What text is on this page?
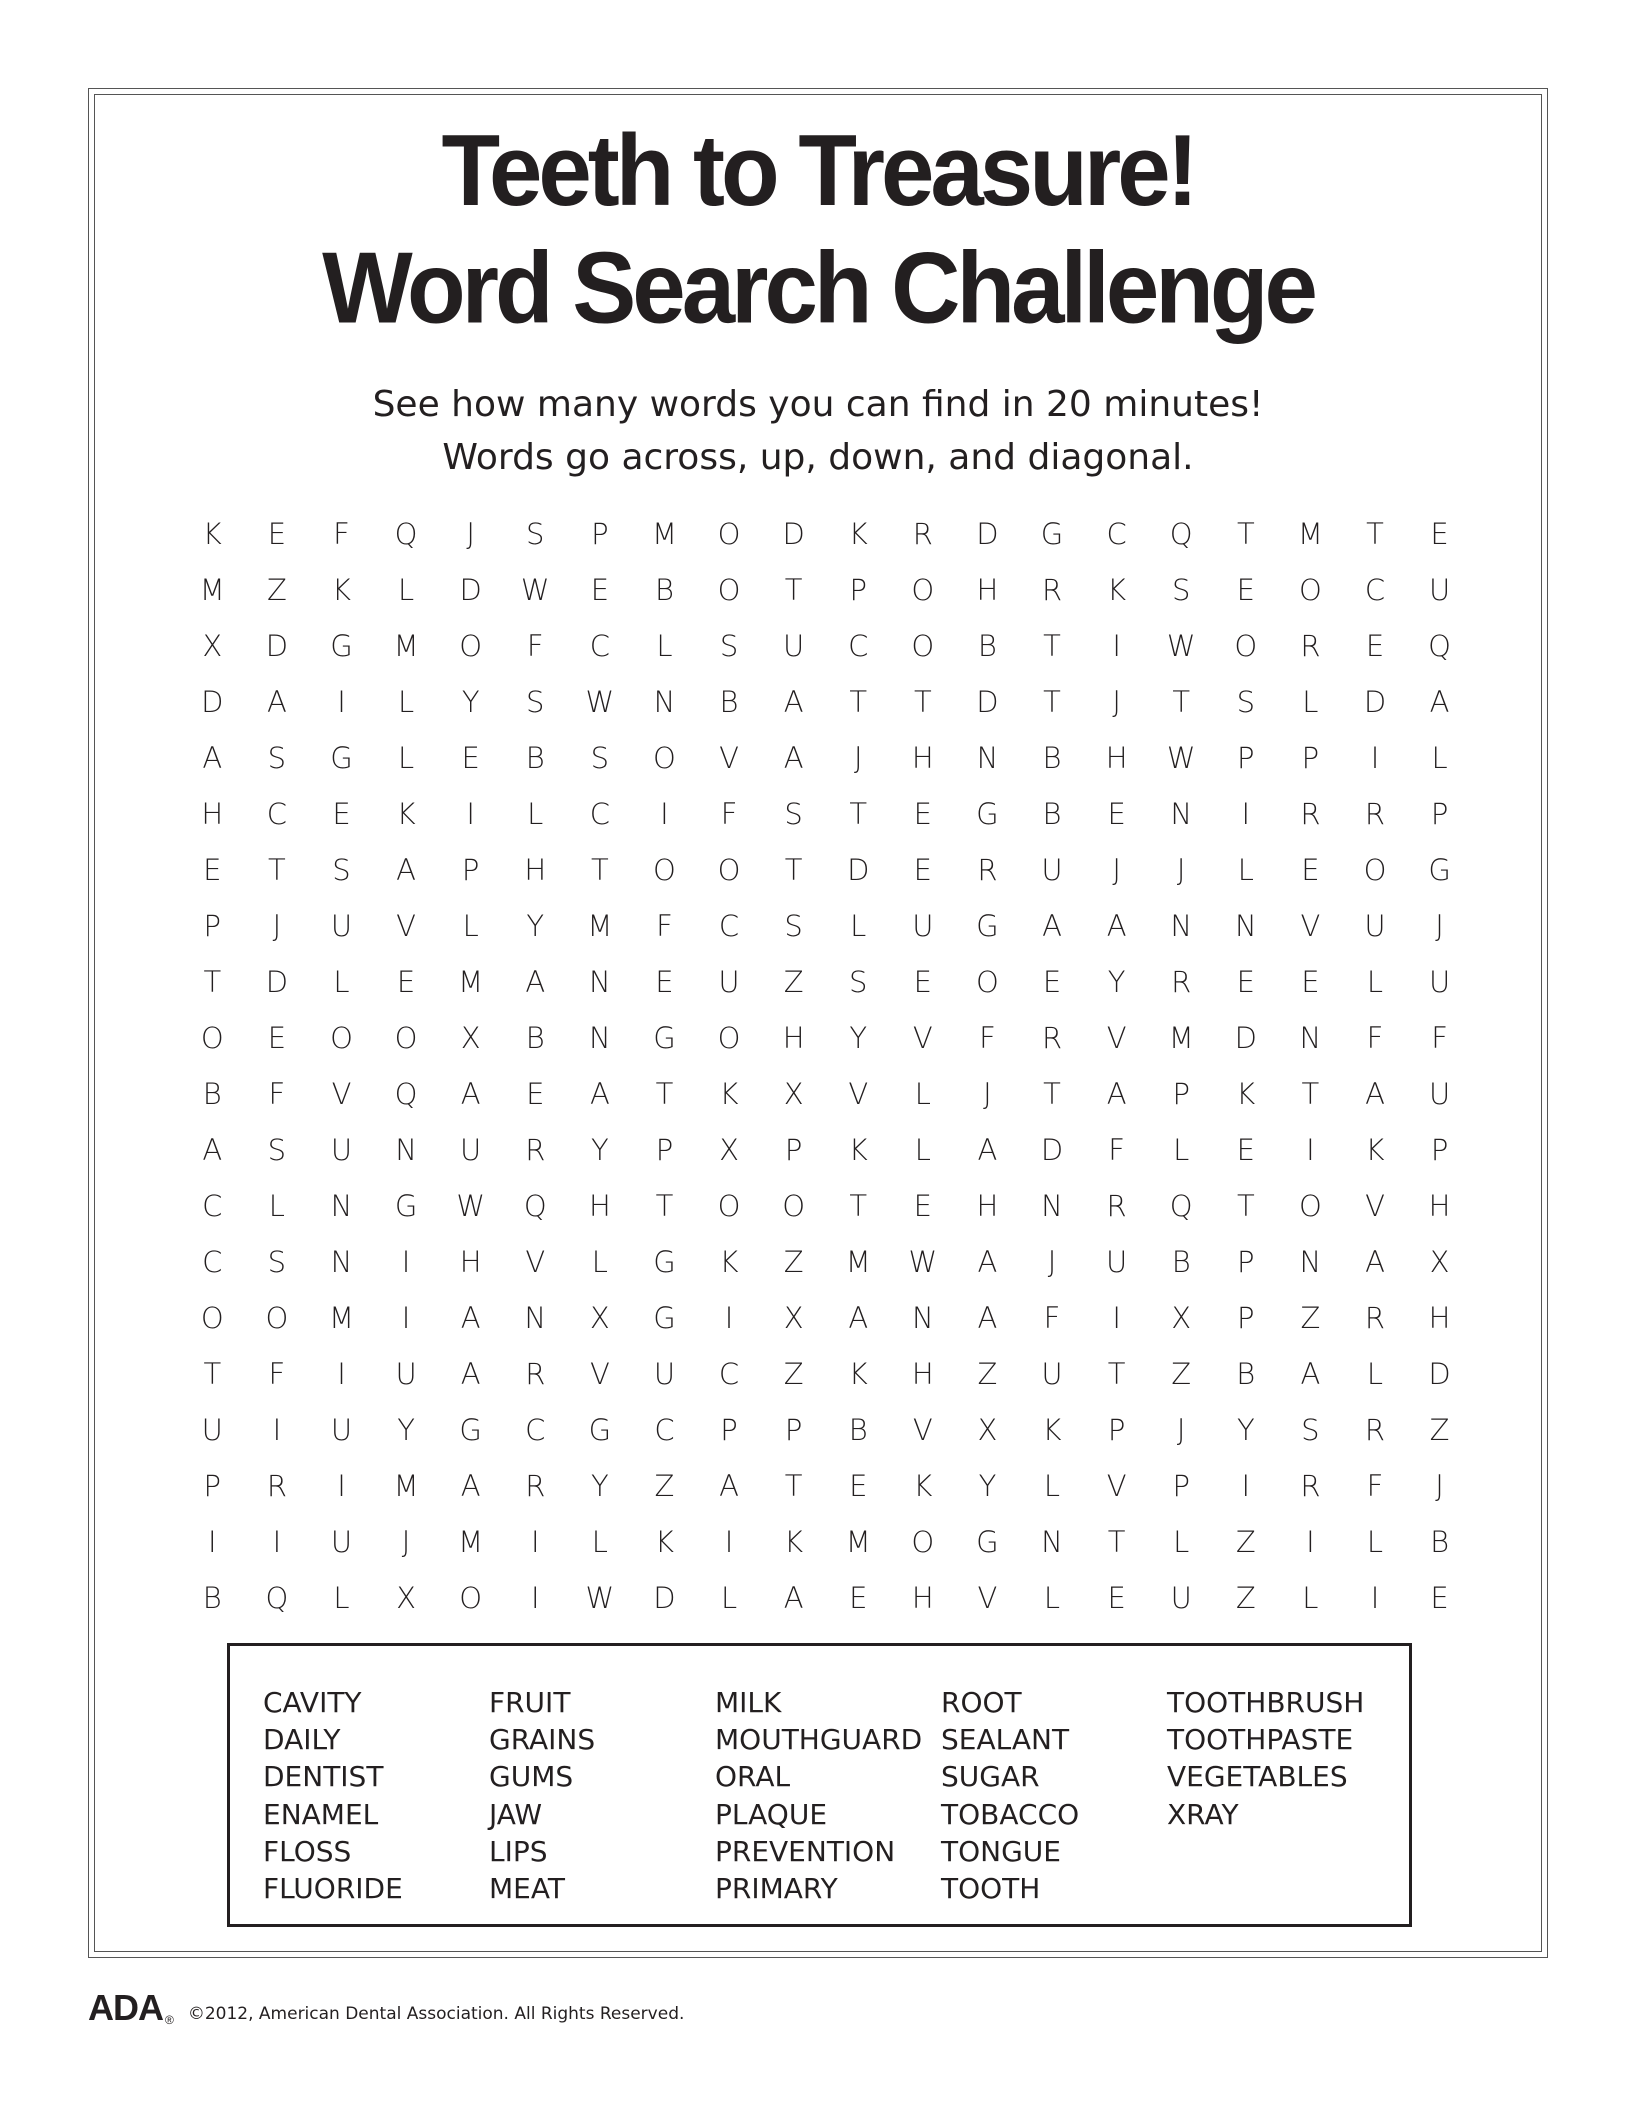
Teeth to Treasure!
Word Search Challenge
See how many words you can find in 20 minutes!
Words go across, up, down, and diagonal.
K	E	F	Q	J	S	P	M	O	D	K	R	D	G	C	Q	T	M	T	E
M	Z	K	L	D	W	E	B	O	T	P	O	H	R	K	S	E	O	C	U
X	D	G	M	O	F	C	L	S	U	C	O	B	T	I	W	O	R	E	Q
D	A	I	L	Y	S	W	N	B	A	T	T	D	T	J	T	S	L	D	A
A	S	G	L	E	B	S	O	V	A	J	H	N	B	H	W	P	P	I	L
H	C	E	K	I	L	C	I	F	S	T	E	G	B	E	N	I	R	R	P
E	T	S	A	P	H	T	O	O	T	D	E	R	U	J	J	L	E	O	G
P	J	U	V	L	Y	M	F	C	S	L	U	G	A	A	N	N	V	U	J
T	D	L	E	M	A	N	E	U	Z	S	E	O	E	Y	R	E	E	L	U
O	E	O	O	X	B	N	G	O	H	Y	V	F	R	V	M	D	N	F	F
B	F	V	Q	A	E	A	T	K	X	V	L	J	T	A	P	K	T	A	U
A	S	U	N	U	R	Y	P	X	P	K	L	A	D	F	L	E	I	K	P
C	L	N	G	W	Q	H	T	O	O	T	E	H	N	R	Q	T	O	V	H
C	S	N	I	H	V	L	G	K	Z	M	W	A	J	U	B	P	N	A	X
O	O	M	I	A	N	X	G	I	X	A	N	A	F	I	X	P	Z	R	H
T	F	I	U	A	R	V	U	C	Z	K	H	Z	U	T	Z	B	A	L	D
U	I	U	Y	G	C	G	C	P	P	B	V	X	K	P	J	Y	S	R	Z
P	R	I	M	A	R	Y	Z	A	T	E	K	Y	L	V	P	I	R	F	J
I	I	U	J	M	I	L	K	I	K	M	O	G	N	T	L	Z	I	L	B
B	Q	L	X	O	I	W	D	L	A	E	H	V	L	E	U	Z	L	I	E
CAVITY
DAILY
DENTIST
ENAMEL
FLOSS
FLUORIDE
FRUIT
GRAINS
GUMS
JAW
LIPS
MEAT
MILK
MOUTHGUARD
ORAL
PLAQUE
PREVENTION
PRIMARY
ROOT
SEALANT
SUGAR
TOBACCO
TONGUE
TOOTH
TOOTHBRUSH
TOOTHPASTE
VEGETABLES
XRAY
ADA ® ©2012, American Dental Association. All Rights Reserved.
